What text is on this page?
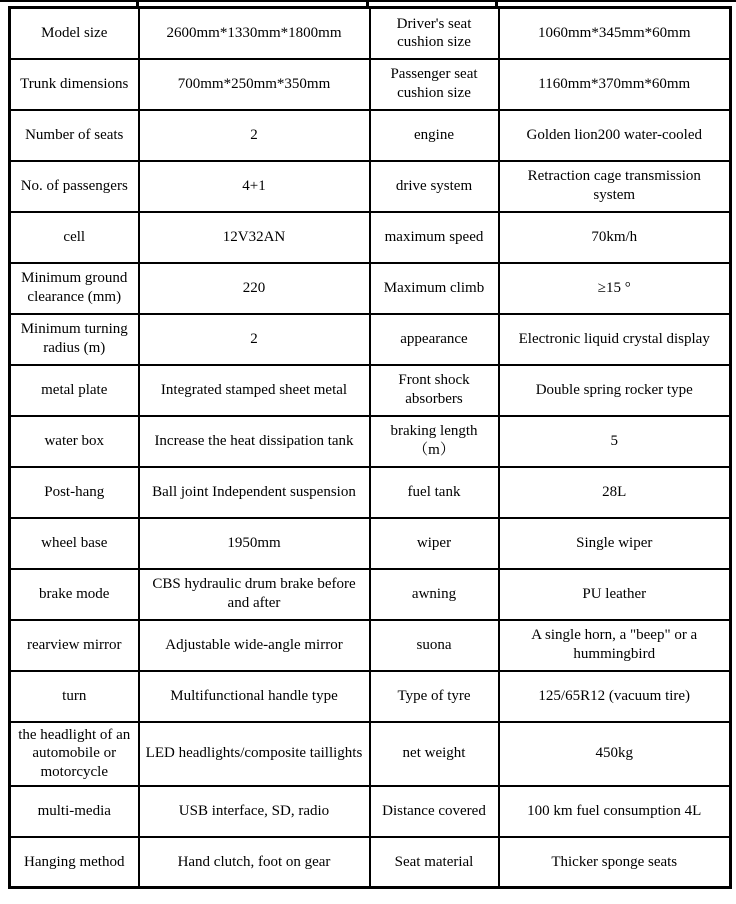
Model size	2600mm*1330mm*1800mm	Driver's seat cushion size	1060mm*345mm*60mm
Trunk dimensions	700mm*250mm*350mm	Passenger seat cushion size	1160mm*370mm*60mm
Number of seats	2	engine	Golden lion200 water-cooled
No. of passengers	4+1	drive system	Retraction cage transmission system
cell	12V32AN	maximum speed	70km/h
Minimum ground clearance (mm)	220	Maximum climb	≥15 °
Minimum turning radius (m)	2	appearance	Electronic liquid crystal display
metal plate	Integrated stamped sheet metal	Front shock absorbers	Double spring rocker type
water box	Increase the heat dissipation tank	braking length （m）	5
Post-hang	Ball joint Independent suspension	fuel tank	28L
wheel base	1950mm	wiper	Single wiper
brake mode	CBS hydraulic drum brake before and after	awning	PU leather
rearview mirror	Adjustable wide-angle mirror	suona	A single horn, a "beep" or a hummingbird
turn	Multifunctional handle type	Type of tyre	125/65R12 (vacuum tire)
the headlight of an automobile or motorcycle	LED headlights/composite taillights	net weight	450kg
multi-media	USB interface, SD, radio	Distance covered	100 km fuel consumption 4L
Hanging method	Hand clutch, foot on gear	Seat material	Thicker sponge seats
